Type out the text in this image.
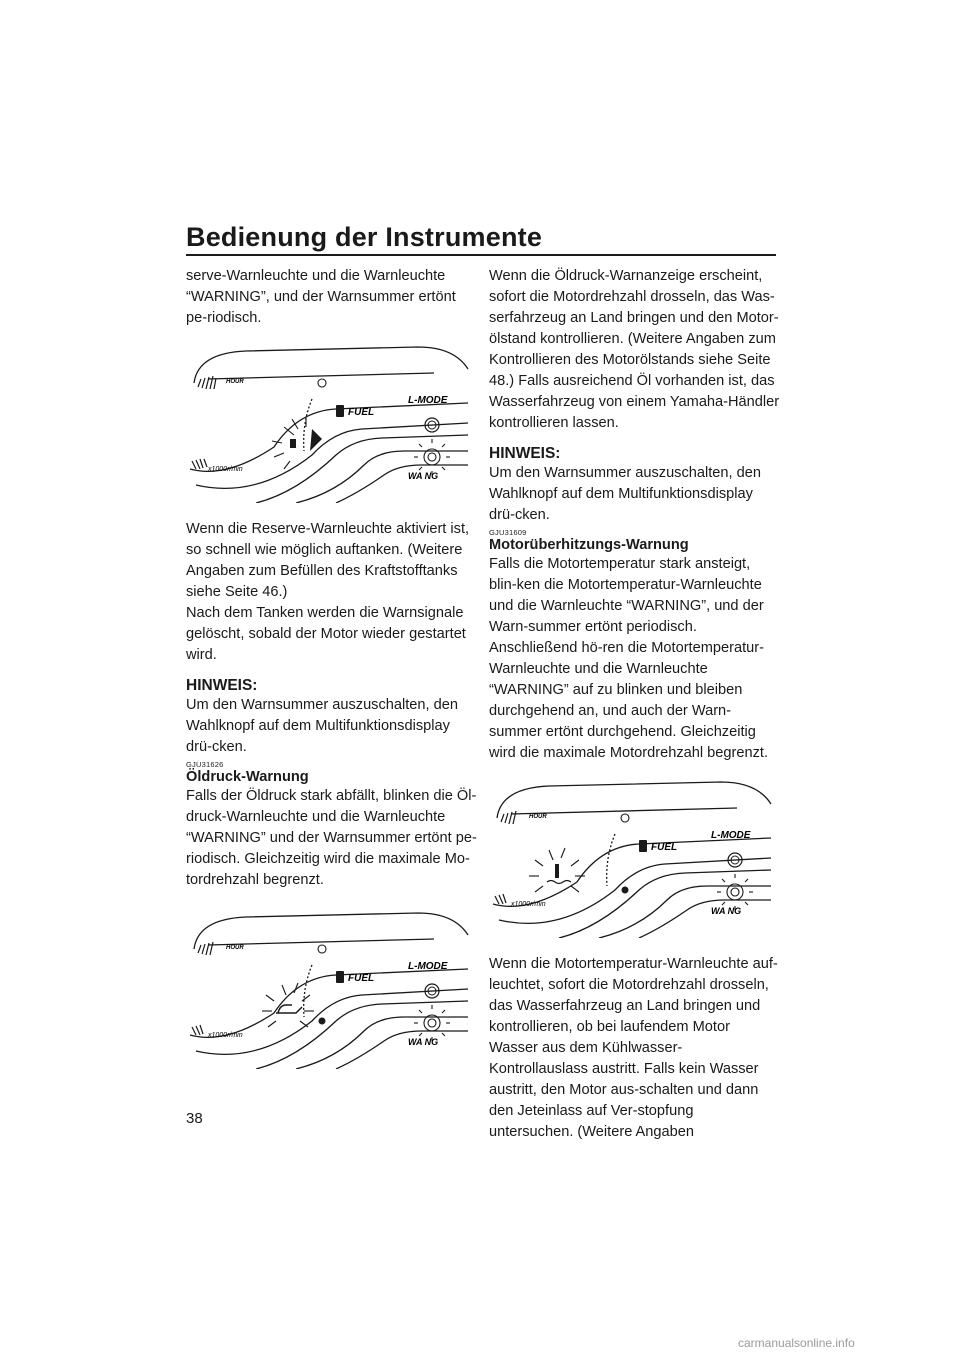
Bedienung der Instrumente

serve-Warnleuchte und die Warnleuchte “WARNING”, und der Warnsummer ertönt pe-riodisch.

HOUR
x1000r/min
FUEL
L-MODE
WA NG

Wenn die Reserve-Warnleuchte aktiviert ist, so schnell wie möglich auftanken. (Weitere Angaben zum Befüllen des Kraftstofftanks siehe Seite 46.)

Nach dem Tanken werden die Warnsignale gelöscht, sobald der Motor wieder gestartet wird.

HINWEIS:

Um den Warnsummer auszuschalten, den Wahlknopf auf dem Multifunktionsdisplay drü-cken.

GJU31626

Öldruck-Warnung

Falls der Öldruck stark abfällt, blinken die Öl-druck-Warnleuchte und die Warnleuchte “WARNING” und der Warnsummer ertönt pe-riodisch. Gleichzeitig wird die maximale Mo-tordrehzahl begrenzt.

HOUR
x1000r/min
FUEL
L-MODE
WA NG

Wenn die Öldruck-Warnanzeige erscheint, sofort die Motordrehzahl drosseln, das Was-serfahrzeug an Land bringen und den Motor-ölstand kontrollieren. (Weitere Angaben zum Kontrollieren des Motorölstands siehe Seite 48.) Falls ausreichend Öl vorhanden ist, das Wasserfahrzeug von einem Yamaha-Händler kontrollieren lassen.

HINWEIS:

Um den Warnsummer auszuschalten, den Wahlknopf auf dem Multifunktionsdisplay drü-cken.

GJU31609

Motorüberhitzungs-Warnung

Falls die Motortemperatur stark ansteigt, blin-ken die Motortemperatur-Warnleuchte und die Warnleuchte “WARNING”, und der Warn-summer ertönt periodisch. Anschließend hö-ren die Motortemperatur-Warnleuchte und die Warnleuchte “WARNING” auf zu blinken und bleiben durchgehend an, und auch der Warn-summer ertönt durchgehend. Gleichzeitig wird die maximale Motordrehzahl begrenzt.

HOUR
x1000r/min
FUEL
L-MODE
WA NG

Wenn die Motortemperatur-Warnleuchte auf-leuchtet, sofort die Motordrehzahl drosseln, das Wasserfahrzeug an Land bringen und kontrollieren, ob bei laufendem Motor Wasser aus dem Kühlwasser-Kontrollauslass austritt. Falls kein Wasser austritt, den Motor aus-schalten und dann den Jeteinlass auf Ver-stopfung untersuchen. (Weitere Angaben

38
carmanualsonline.info
